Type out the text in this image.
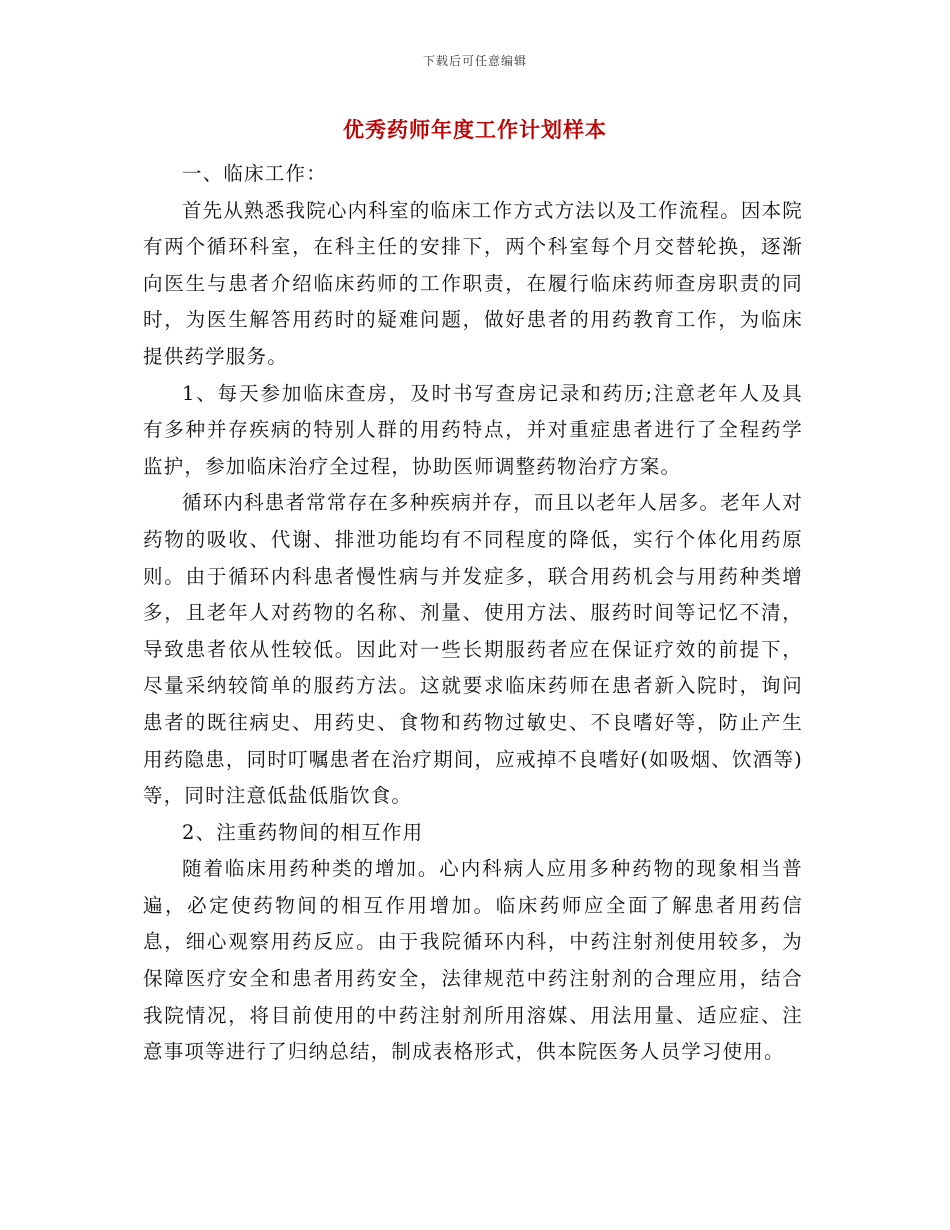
下载后可任意编辑
优秀药师年度工作计划样本

一、临床工作：

首先从熟悉我院心内科室的临床工作方式方法以及工作流程。因本院有两个循环科室，在科主任的安排下，两个科室每个月交替轮换，逐渐向医生与患者介绍临床药师的工作职责，在履行临床药师查房职责的同时，为医生解答用药时的疑难问题，做好患者的用药教育工作，为临床提供药学服务。

1、每天参加临床查房，及时书写查房记录和药历;注意老年人及具有多种并存疾病的特别人群的用药特点，并对重症患者进行了全程药学监护，参加临床治疗全过程，协助医师调整药物治疗方案。

循环内科患者常常存在多种疾病并存，而且以老年人居多。老年人对药物的吸收、代谢、排泄功能均有不同程度的降低，实行个体化用药原则。由于循环内科患者慢性病与并发症多，联合用药机会与用药种类增多，且老年人对药物的名称、剂量、使用方法、服药时间等记忆不清，导致患者依从性较低。因此对一些长期服药者应在保证疗效的前提下，尽量采纳较简单的服药方法。这就要求临床药师在患者新入院时，询问患者的既往病史、用药史、食物和药物过敏史、不良嗜好等，防止产生用药隐患，同时叮嘱患者在治疗期间，应戒掉不良嗜好(如吸烟、饮酒等)等，同时注意低盐低脂饮食。

2、注重药物间的相互作用

随着临床用药种类的增加。心内科病人应用多种药物的现象相当普遍，必定使药物间的相互作用增加。临床药师应全面了解患者用药信息，细心观察用药反应。由于我院循环内科，中药注射剂使用较多，为保障医疗安全和患者用药安全，法律规范中药注射剂的合理应用，结合我院情况，将目前使用的中药注射剂所用溶媒、用法用量、适应症、注意事项等进行了归纳总结，制成表格形式，供本院医务人员学习使用。
